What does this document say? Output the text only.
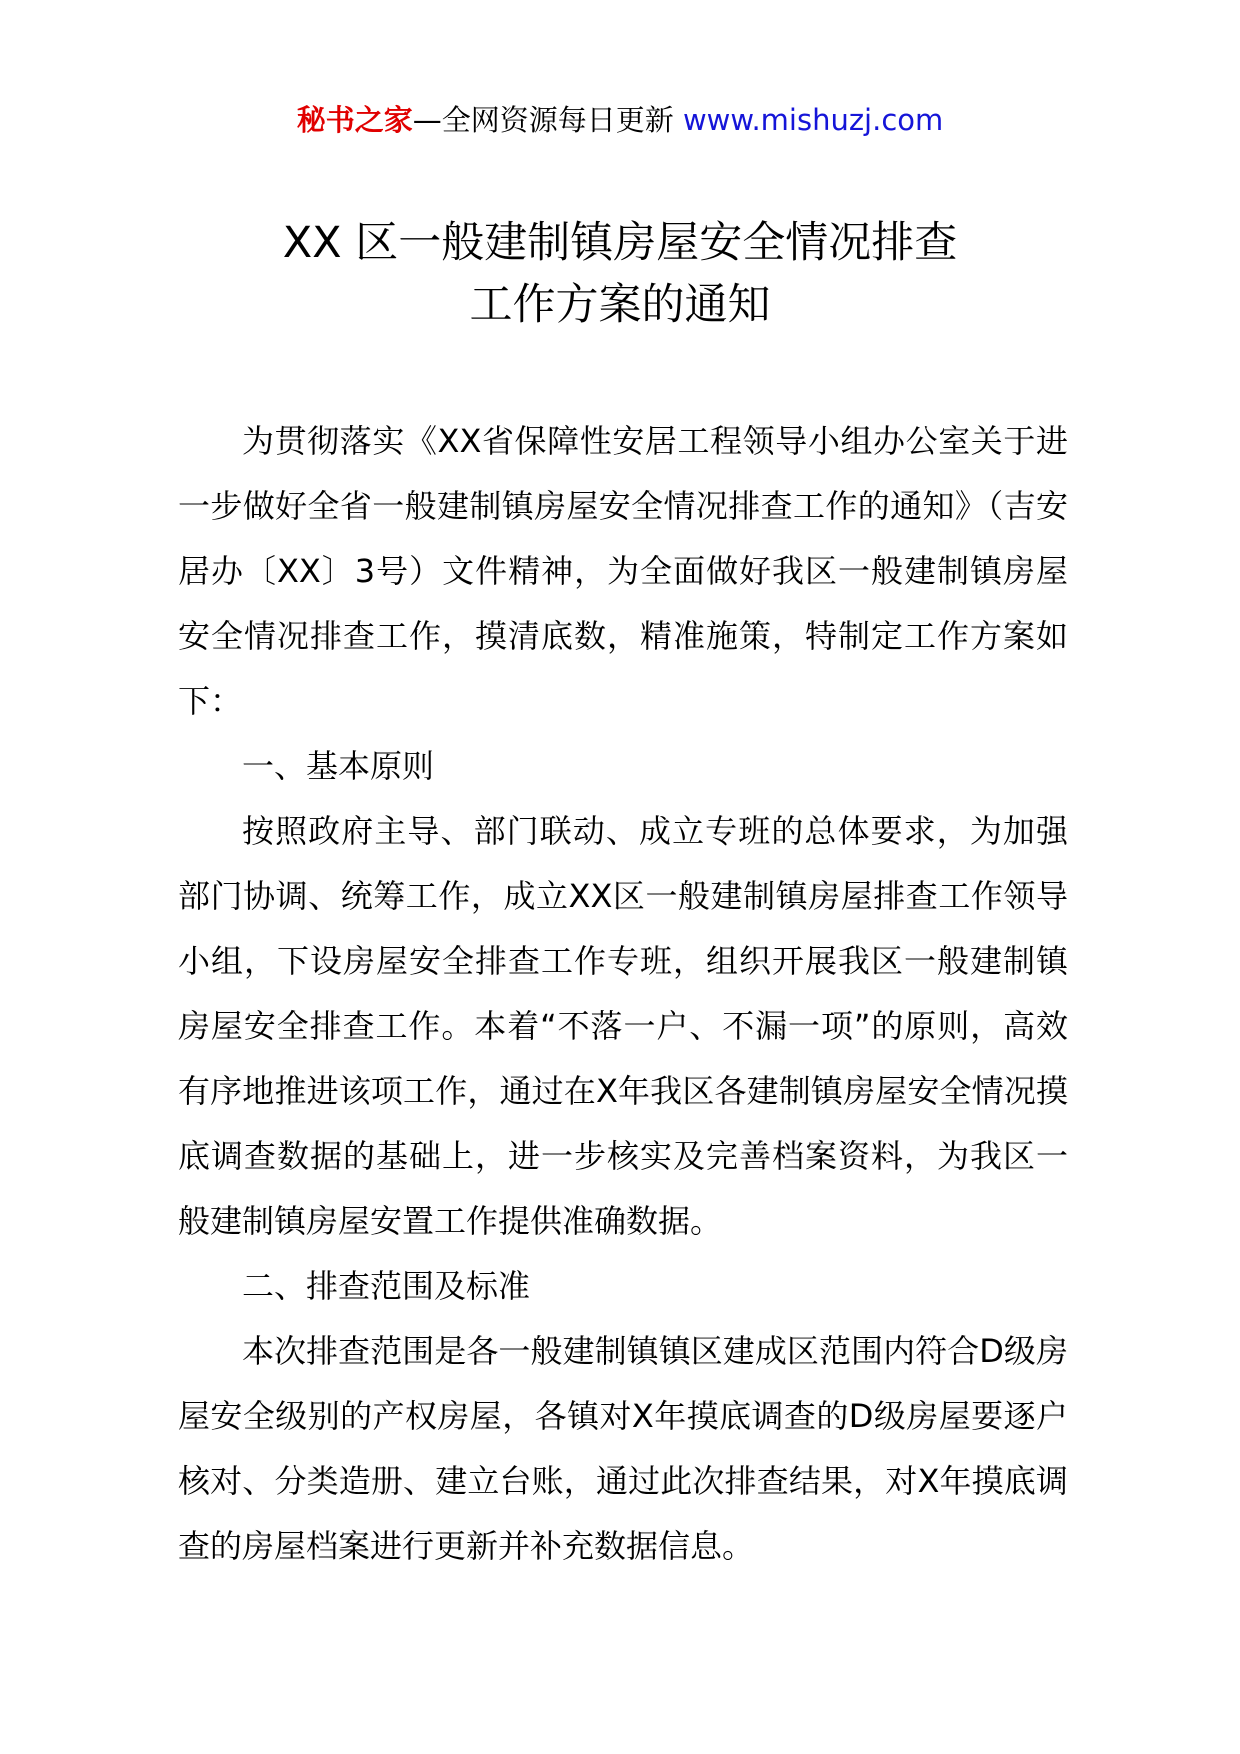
秘书之家—全网资源每日更新 www.mishuzj.com
XX 区一般建制镇房屋安全情况排查
工作方案的通知

为贯彻落实《XX省保障性安居工程领导小组办公室关于进一步做好全省一般建制镇房屋安全情况排查工作的通知》（吉安居办〔XX〕3号）文件精神，为全面做好我区一般建制镇房屋安全情况排查工作，摸清底数，精准施策，特制定工作方案如下：

一、基本原则

按照政府主导、部门联动、成立专班的总体要求，为加强部门协调、统筹工作，成立XX区一般建制镇房屋排查工作领导小组，下设房屋安全排查工作专班，组织开展我区一般建制镇房屋安全排查工作。本着“不落一户、不漏一项”的原则，高效有序地推进该项工作，通过在X年我区各建制镇房屋安全情况摸底调查数据的基础上，进一步核实及完善档案资料，为我区一般建制镇房屋安置工作提供准确数据。

二、排查范围及标准

本次排查范围是各一般建制镇镇区建成区范围内符合D级房屋安全级别的产权房屋，各镇对X年摸底调查的D级房屋要逐户核对、分类造册、建立台账，通过此次排查结果，对X年摸底调查的房屋档案进行更新并补充数据信息。
